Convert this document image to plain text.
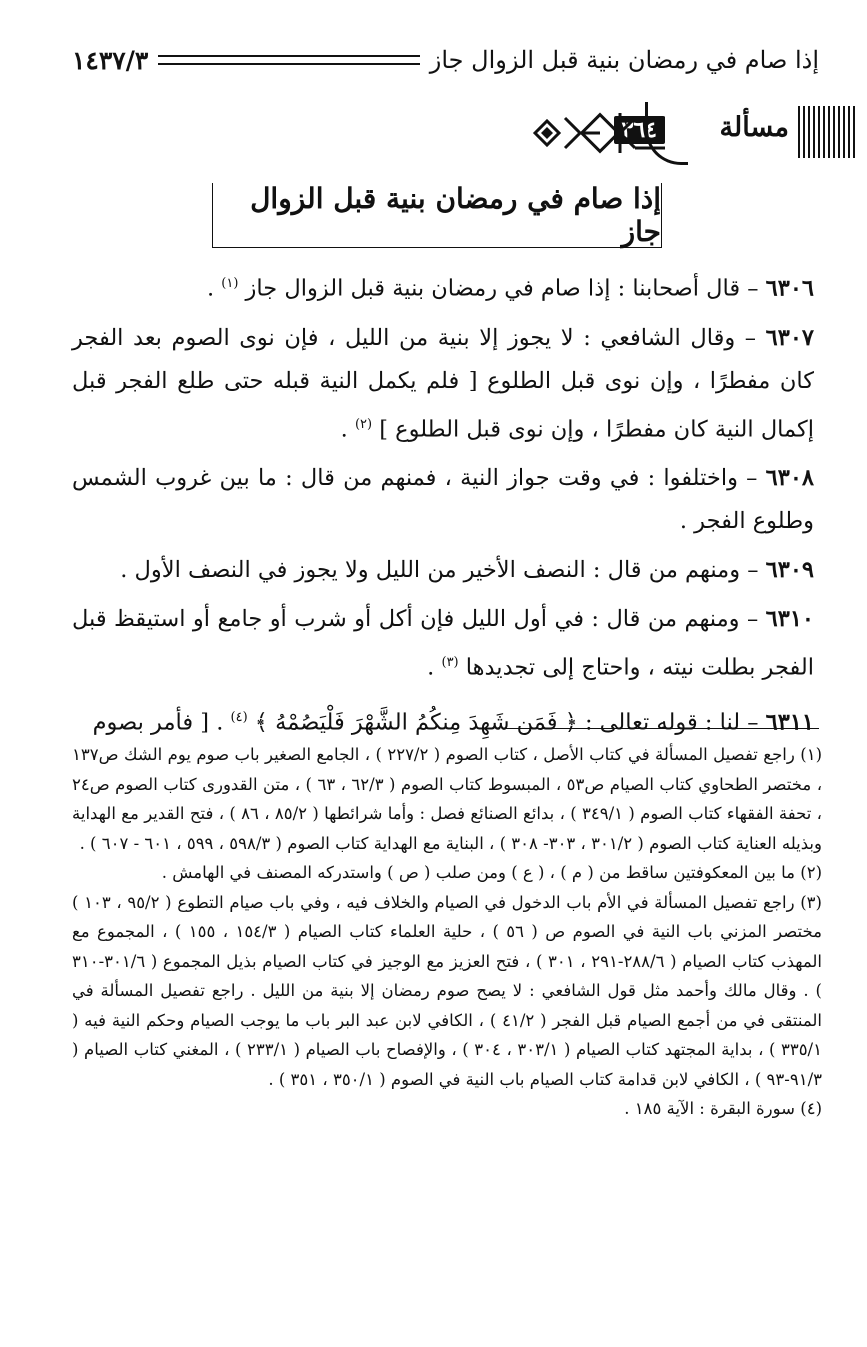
إذا صام في رمضان بنية قبل الزوال جاز
١٤٣٧/٣
مسألة
٣٦٤
إذا صام في رمضان بنية قبل الزوال جاز

٦٣٠٦ – قال أصحابنا : إذا صام في رمضان بنية قبل الزوال جاز $^{(١)}$ .

٦٣٠٧ – وقال الشافعي : لا يجوز إلا بنية من الليل ، فإن نوى الصوم بعد الفجر كان مفطرًا ، وإن نوى قبل الطلوع [ فلم يكمل النية قبله حتى طلع الفجر قبل إكمال النية كان مفطرًا ، وإن نوى قبل الطلوع ] $^{(٢)}$ .

٦٣٠٨ – واختلفوا : في وقت جواز النية ، فمنهم من قال : ما بين غروب الشمس وطلوع الفجر .

٦٣٠٩ – ومنهم من قال : النصف الأخير من الليل ولا يجوز في النصف الأول .

٦٣١٠ – ومنهم من قال : في أول الليل فإن أكل أو شرب أو جامع أو استيقظ قبل الفجر بطلت نيته ، واحتاج إلى تجديدها $^{(٣)}$ .

٦٣١١ – لنا : قوله تعالى : ﴿ فَمَن شَهِدَ مِنكُمُ الشَّهْرَ فَلْيَصُمْهُ ﴾ $^{(٤)}$ . [ فأمر بصوم

(١) راجع تفصيل المسألة في كتاب الأصل ، كتاب الصوم ( ٢٢٧/٢ ) ، الجامع الصغير باب صوم يوم الشك ص١٣٧ ، مختصر الطحاوي كتاب الصيام ص٥٣ ، المبسوط كتاب الصوم ( ٦٢/٣ ، ٦٣ ) ، متن القدورى كتاب الصوم ص٢٤ ، تحفة الفقهاء كتاب الصوم ( ٣٤٩/١ ) ، بدائع الصنائع فصل : وأما شرائطها ( ٨٥/٢ ، ٨٦ ) ، فتح القدير مع الهداية وبذيله العناية كتاب الصوم ( ٣٠١/٢ ، ٣٠٣- ٣٠٨ ) ، البناية مع الهداية كتاب الصوم ( ٥٩٨/٣ ، ٥٩٩ ، ٦٠١ - ٦٠٧ ) .

(٢) ما بين المعكوفتين ساقط من ( م ) ، ( ع ) ومن صلب ( ص ) واستدركه المصنف في الهامش .

(٣) راجع تفصيل المسألة في الأم باب الدخول في الصيام والخلاف فيه ، وفي باب صيام التطوع ( ٩٥/٢ ، ١٠٣ ) مختصر المزني باب النية في الصوم ص ( ٥٦ ) ، حلية العلماء كتاب الصيام ( ١٥٤/٣ ، ١٥٥ ) ، المجموع مع المهذب كتاب الصيام ( ٢٨٨/٦-٢٩١ ، ٣٠١ ) ، فتح العزيز مع الوجيز في كتاب الصيام بذيل المجموع ( ٣٠١/٦-٣١٠ ) . وقال مالك وأحمد مثل قول الشافعي : لا يصح صوم رمضان إلا بنية من الليل . راجع تفصيل المسألة في المنتقى في من أجمع الصيام قبل الفجر ( ٤١/٢ ) ، الكافي لابن عبد البر باب ما يوجب الصيام وحكم النية فيه ( ٣٣٥/١ ) ، بداية المجتهد كتاب الصيام ( ٣٠٣/١ ، ٣٠٤ ) ، والإفصاح باب الصيام ( ٢٣٣/١ ) ، المغني كتاب الصيام ( ٩١/٣-٩٣ ) ، الكافي لابن قدامة كتاب الصيام باب النية في الصوم ( ٣٥٠/١ ، ٣٥١ ) .

(٤) سورة البقرة : الآية ١٨٥ .
